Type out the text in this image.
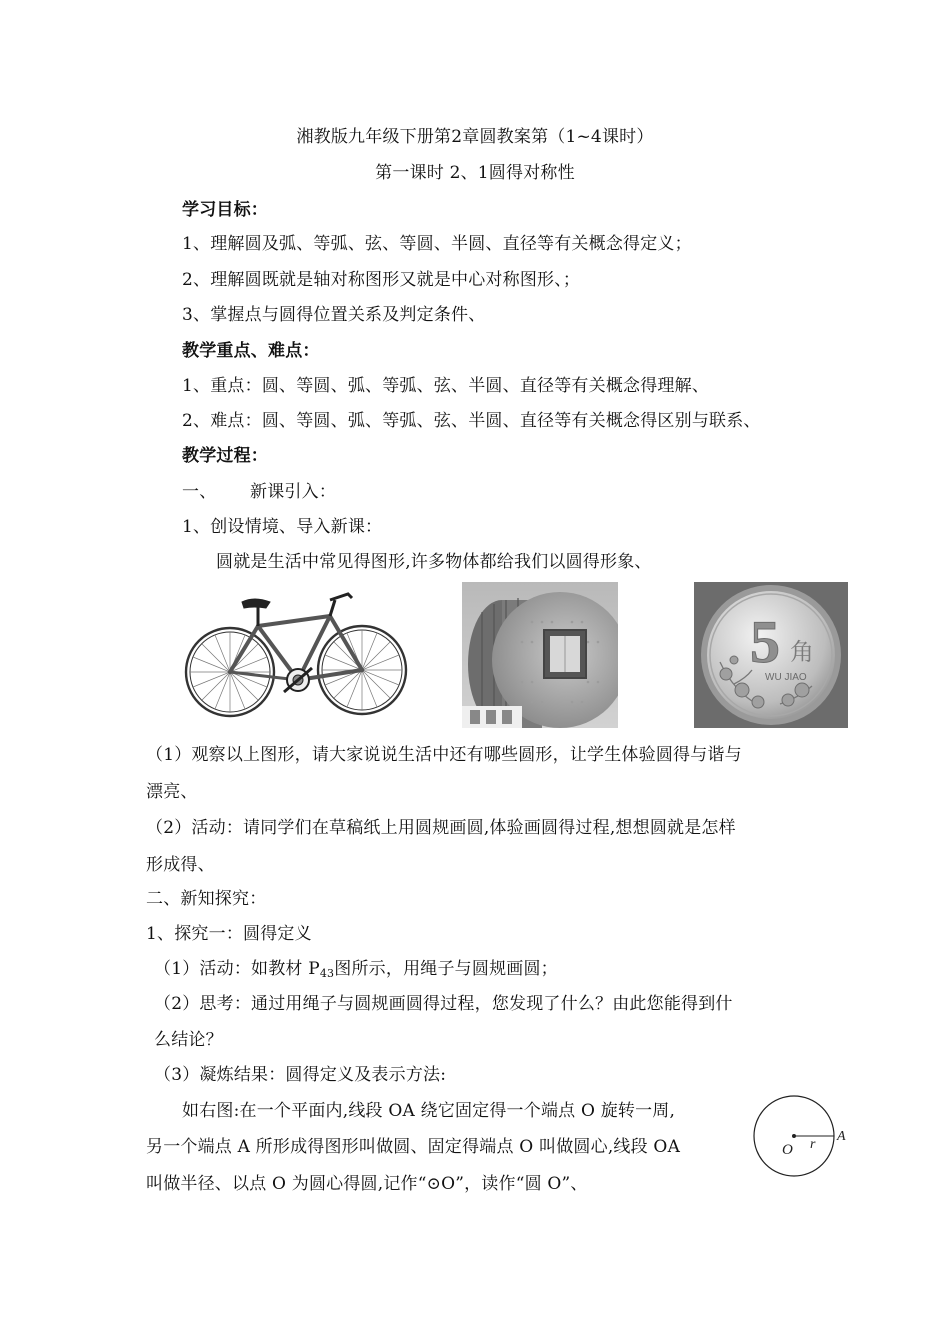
湘教版九年级下册第2章圆教案第（1~4课时）
第一课时 2、1圆得对称性
学习目标：
1、理解圆及弧、等弧、弦、等圆、半圆、直径等有关概念得定义；
2、理解圆既就是轴对称图形又就是中心对称图形、；
3、掌握点与圆得位置关系及判定条件、
教学重点、难点：
1、重点：圆、等圆、弧、等弧、弦、半圆、直径等有关概念得理解、
2、难点：圆、等圆、弧、等弧、弦、半圆、直径等有关概念得区别与联系、
教学过程：
一、      新课引入：
1、创设情境、导入新课：
圆就是生活中常见得图形,许多物体都给我们以圆得形象、
5 角
WU JIAO
（1）观察以上图形，请大家说说生活中还有哪些圆形，让学生体验圆得与谐与
漂亮、
（2）活动：请同学们在草稿纸上用圆规画圆,体验画圆得过程,想想圆就是怎样
形成得、
二、新知探究：
1、探究一：圆得定义
（1）活动：如教材 $P_{43}$图所示，用绳子与圆规画圆；
（2）思考：通过用绳子与圆规画圆得过程，您发现了什么？由此您能得到什
么结论？
（3）凝炼结果：圆得定义及表示方法:
如右图:在一个平面内,线段 OA 绕它固定得一个端点 O 旋转一周,
另一个端点 A 所形成得图形叫做圆、固定得端点 O 叫做圆心,线段 OA
叫做半径、以点 O 为圆心得圆,记作“⊙O”，读作“圆 O”、
O r
A
